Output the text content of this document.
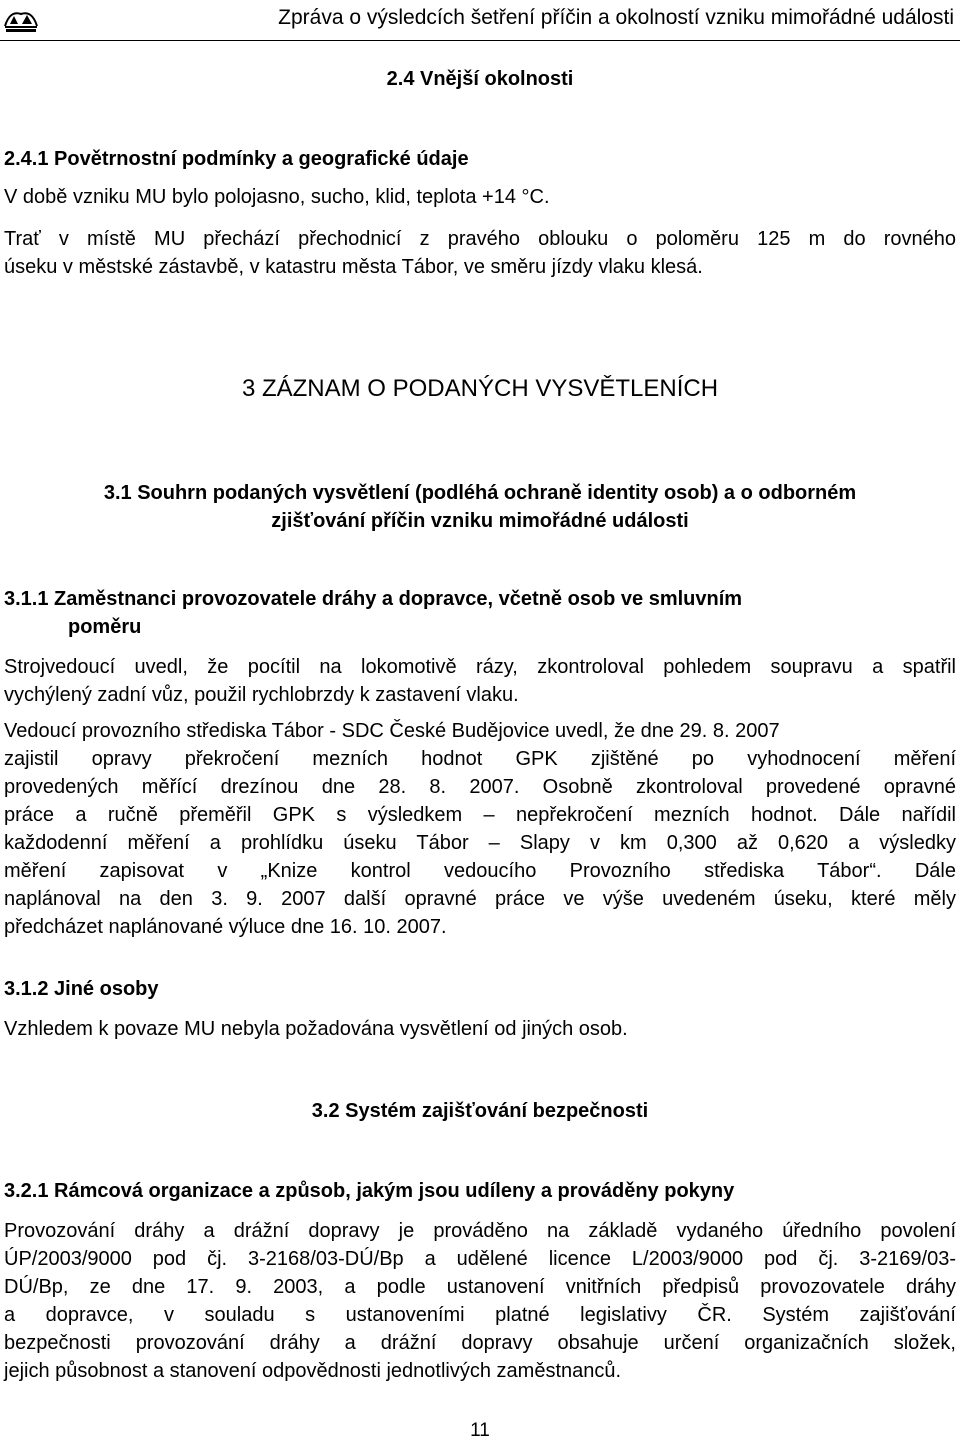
Zpráva o výsledcích šetření příčin a okolností vzniku mimořádné události
2.4 Vnější okolnosti
2.4.1 Povětrnostní podmínky a geografické údaje
V době vzniku MU bylo polojasno, sucho, klid, teplota +14 °C.
Trať v místě MU přechází přechodnicí z pravého oblouku o poloměru 125 m do rovného
úseku v městské zástavbě, v katastru města Tábor, ve směru jízdy vlaku klesá.
3 ZÁZNAM O PODANÝCH VYSVĚTLENÍCH
3.1 Souhrn podaných vysvětlení (podléhá ochraně identity osob) a o odborném
zjišťování příčin vzniku mimořádné události
3.1.1 Zaměstnanci provozovatele dráhy a dopravce, včetně osob ve smluvním
poměru
Strojvedoucí uvedl, že pocítil na lokomotivě rázy, zkontroloval pohledem soupravu a spatřil
vychýlený zadní vůz, použil rychlobrzdy k zastavení vlaku.
Vedoucí provozního střediska Tábor - SDC České Budějovice uvedl, že dne 29. 8. 2007
zajistil opravy překročení mezních hodnot GPK zjištěné po vyhodnocení měření
provedených měřící drezínou dne 28. 8. 2007. Osobně zkontroloval provedené opravné
práce a ručně přeměřil GPK s výsledkem – nepřekročení mezních hodnot. Dále nařídil
každodenní měření a prohlídku úseku Tábor – Slapy v km 0,300 až 0,620 a výsledky
měření zapisovat v „Knize kontrol vedoucího Provozního střediska Tábor“. Dále
naplánoval na den 3. 9. 2007 další opravné práce ve výše uvedeném úseku, které měly
předcházet naplánované výluce dne 16. 10. 2007.
3.1.2 Jiné osoby
Vzhledem k povaze MU nebyla požadována vysvětlení od jiných osob.
3.2 Systém zajišťování bezpečnosti
3.2.1 Rámcová organizace a způsob, jakým jsou udíleny a prováděny pokyny
Provozování dráhy a drážní dopravy je prováděno na základě vydaného úředního povolení
ÚP/2003/9000 pod čj. 3-2168/03-DÚ/Bp a udělené licence L/2003/9000 pod čj. 3-2169/03-
DÚ/Bp, ze dne 17. 9. 2003, a podle ustanovení vnitřních předpisů provozovatele dráhy
a dopravce, v souladu s ustanoveními platné legislativy ČR. Systém zajišťování
bezpečnosti provozování dráhy a drážní dopravy obsahuje určení organizačních složek,
jejich působnost a stanovení odpovědnosti jednotlivých zaměstnanců.
11
